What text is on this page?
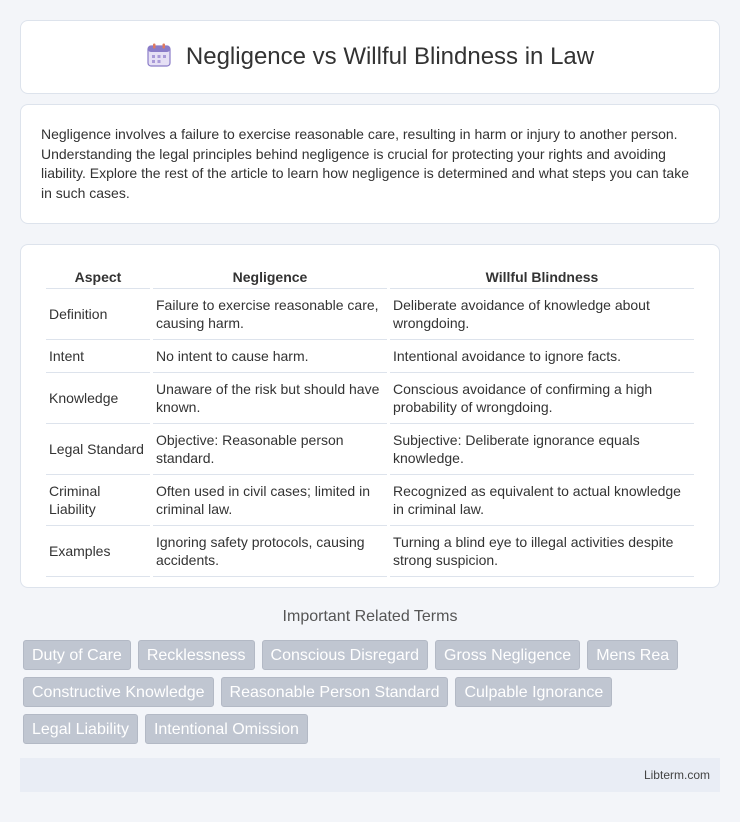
Negligence vs Willful Blindness in Law

Negligence involves a failure to exercise reasonable care, resulting in harm or injury to another person. Understanding the legal principles behind negligence is crucial for protecting your rights and avoiding liability. Explore the rest of the article to learn how negligence is determined and what steps you can take in such cases.

Aspect	Negligence	Willful Blindness
Definition	Failure to exercise reasonable care, causing harm.	Deliberate avoidance of knowledge about wrongdoing.
Intent	No intent to cause harm.	Intentional avoidance to ignore facts.
Knowledge	Unaware of the risk but should have known.	Conscious avoidance of confirming a high probability of wrongdoing.
Legal Standard	Objective: Reasonable person standard.	Subjective: Deliberate ignorance equals knowledge.
Criminal Liability	Often used in civil cases; limited in criminal law.	Recognized as equivalent to actual knowledge in criminal law.
Examples	Ignoring safety protocols, causing accidents.	Turning a blind eye to illegal activities despite strong suspicion.
Important Related Terms
Duty of Care	Recklessness	Conscious Disregard	Gross Negligence	Mens Rea
Constructive Knowledge	Reasonable Person Standard	Culpable Ignorance
Legal Liability	Intentional Omission
Libterm.com
